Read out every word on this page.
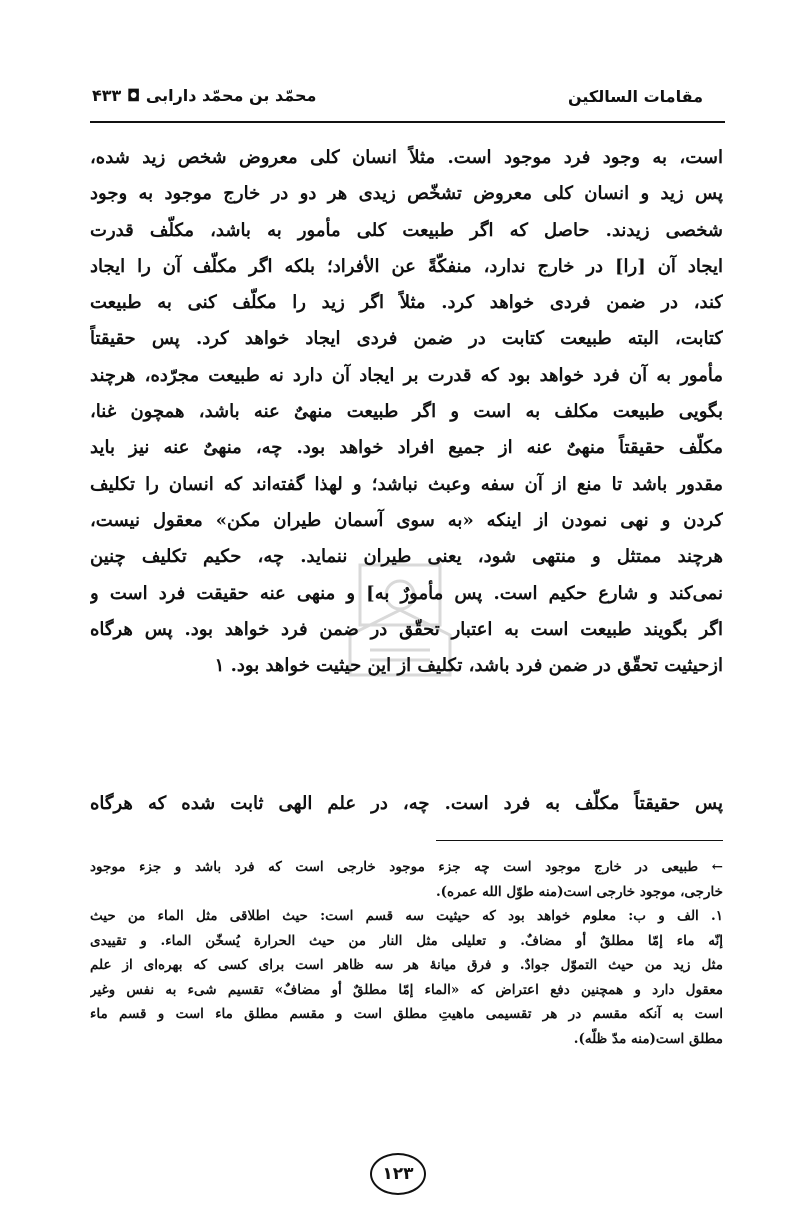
مقامات السالکین
محمّد بن محمّد دارابی ◘ ۴۳۳
است، به وجود فرد موجود است. مثلاً انسان کلی معروض شخص زید شده،
پس زید و انسان کلی معروض تشخّص زیدی هر دو در خارج موجود به وجود
شخصی زیدند. حاصل که اگر طبیعت کلی مأمور به باشد، مکلّف قدرت
ایجاد آن [را] در خارج ندارد، منفکّةً عن الأفراد؛ بلکه اگر مکلّف آن را ایجاد
کند، در ضمن فردی خواهد کرد. مثلاً اگر زید را مکلّف کنی به طبیعت
کتابت، البته طبیعت کتابت در ضمن فردی ایجاد خواهد کرد. پس حقیقتاً
مأمور به آن فرد خواهد بود که قدرت بر ایجاد آن دارد نه طبیعت مجرّده، هرچند
بگویی طبیعت مکلف به است و اگر طبیعت منهیٌ عنه باشد، همچون غنا،
مکلّف حقیقتاً منهیٌ عنه از جمیع افراد خواهد بود. چه، منهیٌ عنه نیز باید
مقدور باشد تا منع از آن سفه وعبث نباشد؛ و لهذا گفته‌اند که انسان را تکلیف
کردن و نهی نمودن از اینکه «به سوی آسمان طیران مکن» معقول نیست،
هرچند ممتثل و منتهی شود، یعنی طیران ننماید. چه، حکیم تکلیف چنین
نمی‌کند و شارع حکیم است. پس مأمورٌ به] و منهی عنه حقیقت فرد است و
اگر بگویند طبیعت است به اعتبار تحقّق در ضمن فرد خواهد بود. پس هرگاه
ازحیثیت تحقّق در ضمن فرد باشد، تکلیف از این حیثیت خواهد بود. ۱
پس حقیقتاً مکلّف به فرد است. چه، در علم الهی ثابت شده که هرگاه
← طبیعی در خارج موجود است چه جزء موجود خارجی است که فرد باشد و جزء موجود
خارجی، موجود خارجی است(منه طوّل الله عمره).
۱. الف و ب: معلوم خواهد بود که حیثیت سه قسم است: حیث اطلاقی مثل الماء من حیث
إنّه ماء إمّا مطلقٌ أو مضافٌ. و تعلیلی مثل النار من حیث الحرارة یُسخّن الماء. و تقییدی
مثل زید من حیث التموّل جوادٌ. و فرق میانهٔ هر سه ظاهر است برای کسی که بهره‌ای از علم
معقول دارد و همچنین دفع اعتراض که «الماء إمّا مطلقٌ أو مضافٌ» تقسیم شیء به نفس وغیر
است به آنکه مقسم در هر تقسیمی ماهیتِ مطلق است و مقسم مطلق ماء است و قسم ماء
مطلق است(منه مدّ ظلّه).
۱۲۳
